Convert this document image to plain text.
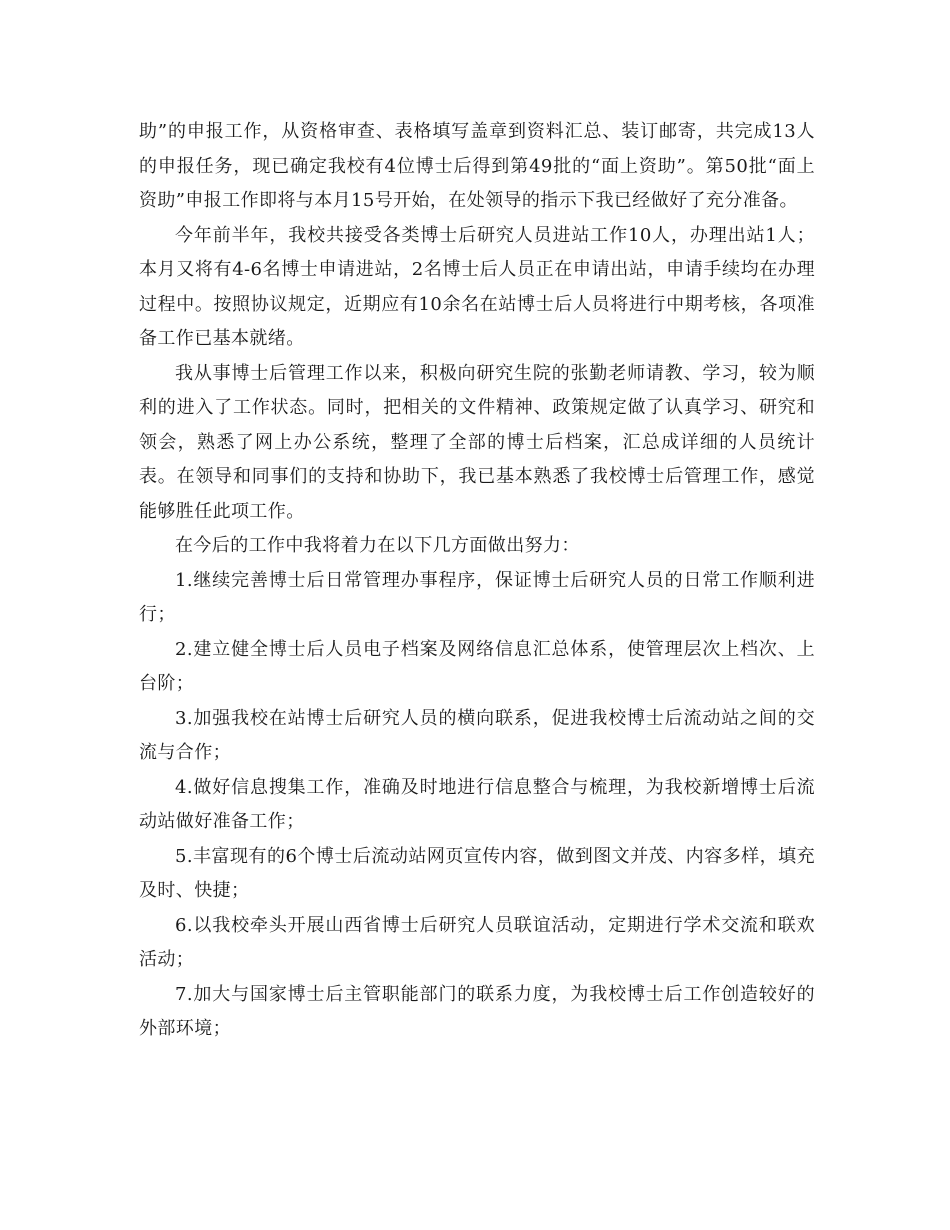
助”的申报工作，从资格审查、表格填写盖章到资料汇总、装订邮寄，共完成13人的申报任务，现已确定我校有4位博士后得到第49批的“面上资助”。第50批“面上资助”申报工作即将与本月15号开始，在处领导的指示下我已经做好了充分准备。

今年前半年，我校共接受各类博士后研究人员进站工作10人，办理出站1人；本月又将有4-6名博士申请进站，2名博士后人员正在申请出站，申请手续均在办理过程中。按照协议规定，近期应有10余名在站博士后人员将进行中期考核，各项准备工作已基本就绪。

我从事博士后管理工作以来，积极向研究生院的张勤老师请教、学习，较为顺利的进入了工作状态。同时，把相关的文件精神、政策规定做了认真学习、研究和领会，熟悉了网上办公系统，整理了全部的博士后档案，汇总成详细的人员统计表。在领导和同事们的支持和协助下，我已基本熟悉了我校博士后管理工作，感觉能够胜任此项工作。

在今后的工作中我将着力在以下几方面做出努力：

1.继续完善博士后日常管理办事程序，保证博士后研究人员的日常工作顺利进行；

2.建立健全博士后人员电子档案及网络信息汇总体系，使管理层次上档次、上台阶；

3.加强我校在站博士后研究人员的横向联系，促进我校博士后流动站之间的交流与合作；

4.做好信息搜集工作，准确及时地进行信息整合与梳理，为我校新增博士后流动站做好准备工作；

5.丰富现有的6个博士后流动站网页宣传内容，做到图文并茂、内容多样，填充及时、快捷；

6.以我校牵头开展山西省博士后研究人员联谊活动，定期进行学术交流和联欢活动；

7.加大与国家博士后主管职能部门的联系力度，为我校博士后工作创造较好的外部环境；
